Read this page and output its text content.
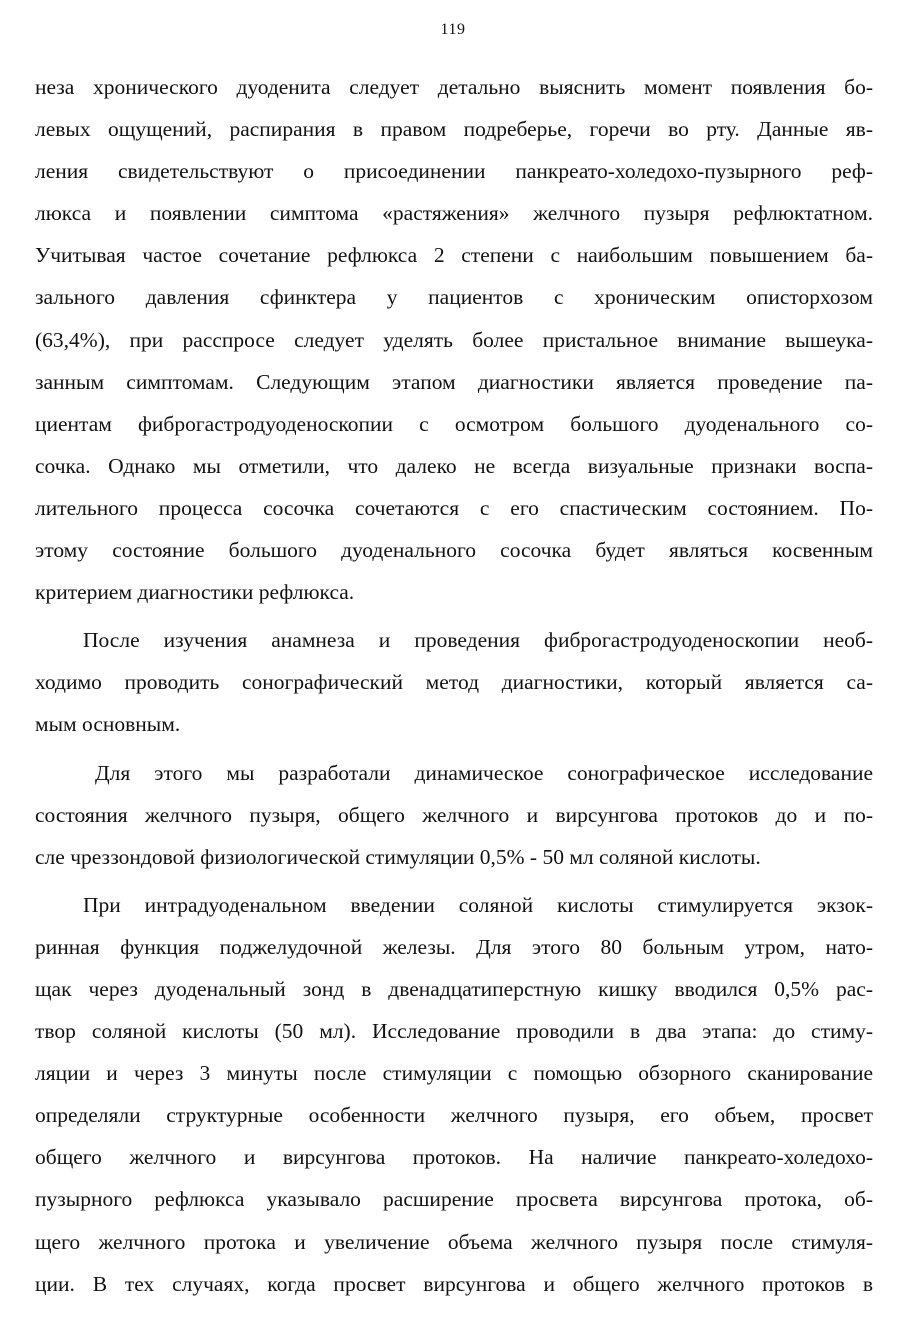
119
неза хронического дуоденита следует детально выяснить момент появления бо-
левых ощущений, распирания в правом подреберье, горечи во рту. Данные яв-
ления свидетельствуют о присоединении панкреато-холедохо-пузырного реф-
люкса и появлении симптома «растяжения» желчного пузыря рефлюктатном.
Учитывая частое сочетание рефлюкса 2 степени с наибольшим повышением ба-
зального давления сфинктера у пациентов с хроническим описторхозом
(63,4%), при расспросе следует уделять более пристальное внимание вышеука-
занным симптомам. Следующим этапом диагностики является проведение па-
циентам фиброгастродуоденоскопии с осмотром большого дуоденального со-
сочка. Однако мы отметили, что далеко не всегда визуальные признаки воспа-
лительного процесса сосочка сочетаются с его спастическим состоянием. По-
этому состояние большого дуоденального сосочка будет являться косвенным
критерием диагностики рефлюкса.
После изучения анамнеза и проведения фиброгастродуоденоскопии необ-
ходимо проводить сонографический метод диагностики, который является са-
мым основным.
Для этого мы разработали динамическое сонографическое исследование
состояния желчного пузыря, общего желчного и вирсунгова протоков до и по-
сле чреззондовой физиологической стимуляции 0,5% - 50 мл соляной кислоты.
При интрадуоденальном введении соляной кислоты стимулируется экзок-
ринная функция поджелудочной железы. Для этого 80 больным утром, нато-
щак через дуоденальный зонд в двенадцатиперстную кишку вводился 0,5% рас-
твор соляной кислоты (50 мл). Исследование проводили в два этапа: до стиму-
ляции и через 3 минуты после стимуляции с помощью обзорного сканирование
определяли структурные особенности желчного пузыря, его объем, просвет
общего желчного и вирсунгова протоков. На наличие панкреато-холедохо-
пузырного рефлюкса указывало расширение просвета вирсунгова протока, об-
щего желчного протока и увеличение объема желчного пузыря после стимуля-
ции. В тех случаях, когда просвет вирсунгова и общего желчного протоков в
